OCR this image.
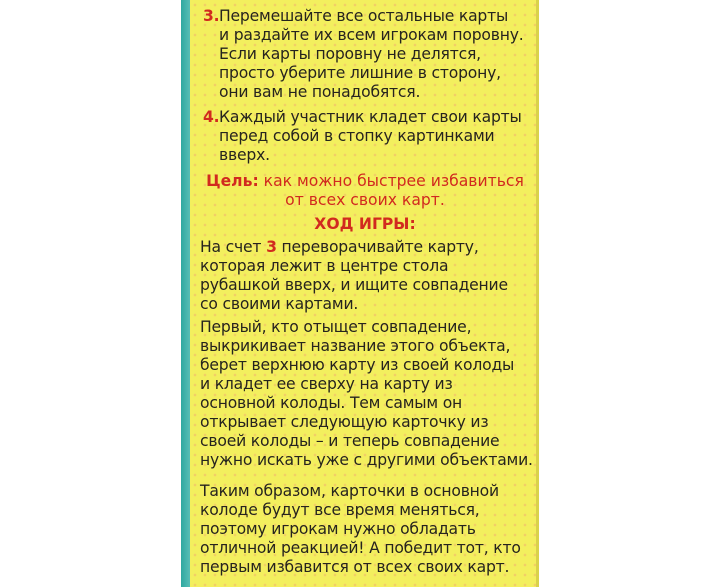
3. Перемешайте все остальные карты
и раздайте их всем игрокам поровну.
Если карты поровну не делятся,
просто уберите лишние в сторону,
они вам не понадобятся.
4. Каждый участник кладет свои карты
перед собой в стопку картинками
вверх.
Цель: как можно быстрее избавиться
от всех своих карт.
ХОД ИГРЫ:
На счет 3 переворачивайте карту,
которая лежит в центре стола
рубашкой вверх, и ищите совпадение
со своими картами.
Первый, кто отыщет совпадение,
выкрикивает название этого объекта,
берет верхнюю карту из своей колоды
и кладет ее сверху на карту из
основной колоды. Тем самым он
открывает следующую карточку из
своей колоды – и теперь совпадение
нужно искать уже с другими объектами.
Таким образом, карточки в основной
колоде будут все время меняться,
поэтому игрокам нужно обладать
отличной реакцией! А победит тот, кто
первым избавится от всех своих карт.
